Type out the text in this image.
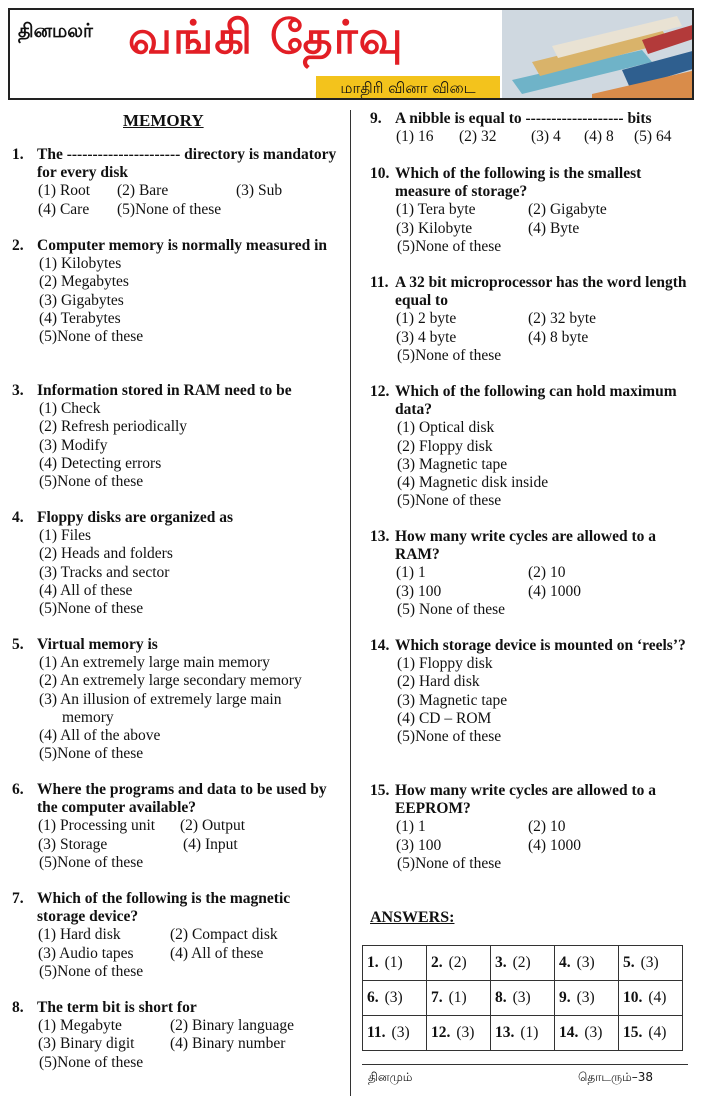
தினமலர் வங்கி தேர்வு
மாதிரி வினா விடை
MEMORY
1. The ---------------------- directory is mandatory for every disk
(1) Root (2) Bare	(3) Sub
(4) Care (5)None of these
2. Computer memory is normally measured in
(1) Kilobytes
(2) Megabytes
(3) Gigabytes
(4) Terabytes
(5)None of these
3. Information stored in RAM need to be
(1) Check
(2) Refresh periodically
(3) Modify
(4) Detecting errors
(5)None of these
4. Floppy disks are organized as
(1) Files
(2) Heads and folders
(3) Tracks and sector
(4) All of these
(5)None of these
5. Virtual memory is
(1) An extremely large main memory
(2) An extremely large secondary memory
(3) An illusion of extremely large main
memory
(4) All of the above
(5)None of these
6. Where the programs and data to be used by the computer available?
(1) Processing unit (2) Output
(3) Storage	(4) Input
(5)None of these
7. Which of the following is the magnetic storage device?
(1) Hard disk	(2) Compact disk
(3) Audio tapes (4) All of these
(5)None of these
8. The term bit is short for
(1) Megabyte	(2) Binary language
(3) Binary digit (4) Binary number
(5)None of these
9. A nibble is equal to ------------------- bits
(1) 16 (2) 32 (3) 4 (4) 8 (5) 64
10. Which of the following is the smallest measure of storage?
(1) Tera byte	(2) Gigabyte
(3) Kilobyte	(4) Byte
(5)None of these
11. A 32 bit microprocessor has the word length equal to
(1) 2 byte	(2) 32 byte
(3) 4 byte	(4) 8 byte
(5)None of these
12. Which of the following can hold maximum data?
(1) Optical disk
(2) Floppy disk
(3) Magnetic tape
(4) Magnetic disk inside
(5)None of these
13. How many write cycles are allowed to a RAM?
(1) 1	(2) 10
(3) 100	(4) 1000
(5) None of these
14. Which storage device is mounted on ‘reels’?
(1) Floppy disk
(2) Hard disk
(3) Magnetic tape
(4) CD – ROM
(5)None of these
15. How many write cycles are allowed to a EEPROM?
(1) 1	(2) 10
(3) 100	(4) 1000
(5)None of these
ANSWERS:
1. (1)	2. (2)	3. (2)	4. (3)	5. (3)
6. (3)	7. (1)	8. (3)	9. (3)	10. (4)
11. (3)	12. (3)	13. (1)	14. (3)	15. (4)
தினமும்	தொடரும்–38
